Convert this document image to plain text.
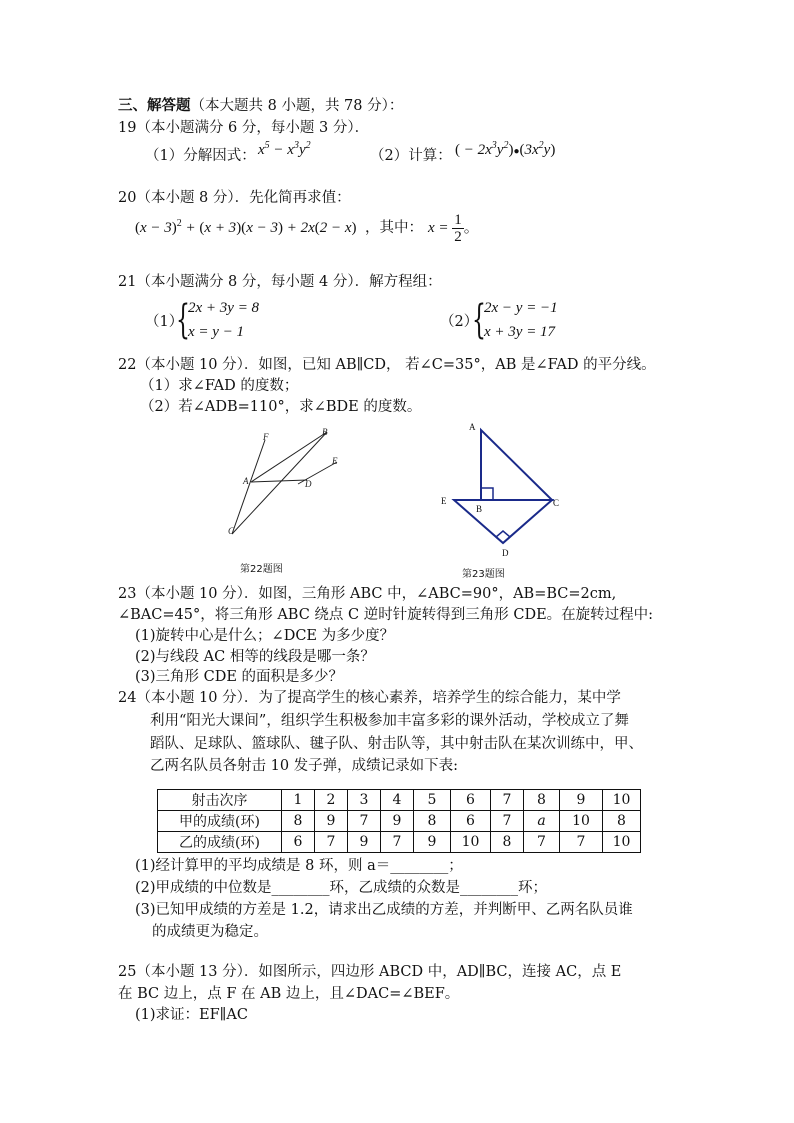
三、解答题（本大题共 8 小题，共 78 分）：
19（本小题满分 6 分，每小题 3 分）．
（1）分解因式： $x^5 - x^3y^2$
（2）计算： ( − $2x^3y^2)●(3x^2y)$
20（本小题 8 分）．先化简再求值：
$(x - 3)^2 + (x + 3)(x - 3) + 2x(2 - x)$ ，其中： $x = \frac{1}{2}$ 。
21（本小题满分 8 分，每小题 4 分）．解方程组：
（1）
{
2x + 3y = 8
x = y − 1
（2）
{
2x − y = −1
x + 3y = 17
22（本小题 10 分）．如图，已知 AB∥CD， 若∠C=35°，AB 是∠FAD 的平分线。
（1）求∠FAD 的度数；
（2）若∠ADB=110°，求∠BDE 的度数。
F	B
E
A	D
C
第22题图
A
E
B
C
D
第23题图
23（本小题 10 分）．如图，三角形 ABC 中，∠ABC=90°，AB=BC=2cm,
∠BAC=45°，将三角形 ABC 绕点 C 逆时针旋转得到三角形 CDE。在旋转过程中:
(1)旋转中心是什么；∠DCE 为多少度？
(2)与线段 AC 相等的线段是哪一条？
(3)三角形 CDE 的面积是多少？
24（本小题 10 分）．为了提高学生的核心素养，培养学生的综合能力，某中学
利用“阳光大课间”，组织学生积极参加丰富多彩的课外活动，学校成立了舞
蹈队、足球队、篮球队、毽子队、射击队等，其中射击队在某次训练中，甲、
乙两名队员各射击 10 发子弹，成绩记录如下表:
射击次序	1	2	3	4	5	6	7	8	9	10
甲的成绩(环)	8	9	7	9	8	6	7	a	10	8
乙的成绩(环)	6	7	9	7	9	10	8	7	7	10
(1)经计算甲的平均成绩是 8 环，则 a＝________；
(2)甲成绩的中位数是________环，乙成绩的众数是________环；
(3)已知甲成绩的方差是 1.2，请求出乙成绩的方差，并判断甲、乙两名队员谁
的成绩更为稳定。
25（本小题 13 分）．如图所示，四边形 ABCD 中，AD∥BC，连接 AC，点 E
在 BC 边上，点 F 在 AB 边上，且∠DAC=∠BEF。
(1)求证：EF∥AC
